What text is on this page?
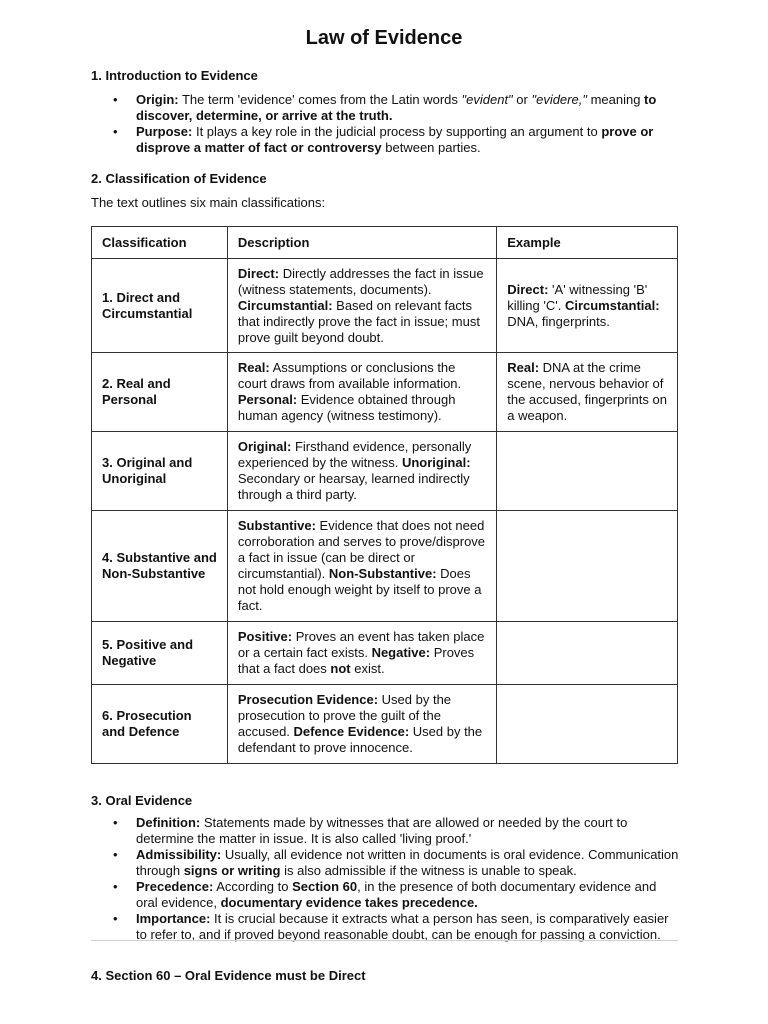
Law of Evidence
1. Introduction to Evidence
• Origin: The term 'evidence' comes from the Latin words "evident" or "evidere," meaning to discover, determine, or arrive at the truth.
• Purpose: It plays a key role in the judicial process by supporting an argument to prove or disprove a matter of fact or controversy between parties.
2. Classification of Evidence
The text outlines six main classifications:
Classification	Description	Example
1. Direct and Circumstantial	Direct: Directly addresses the fact in issue (witness statements, documents). Circumstantial: Based on relevant facts that indirectly prove the fact in issue; must prove guilt beyond doubt.	Direct: 'A' witnessing 'B' killing 'C'. Circumstantial: DNA, fingerprints.
2. Real and Personal	Real: Assumptions or conclusions the court draws from available information. Personal: Evidence obtained through human agency (witness testimony).	Real: DNA at the crime scene, nervous behavior of the accused, fingerprints on a weapon.
3. Original and Unoriginal	Original: Firsthand evidence, personally experienced by the witness. Unoriginal: Secondary or hearsay, learned indirectly through a third party.	
4. Substantive and Non-Substantive	Substantive: Evidence that does not need corroboration and serves to prove/disprove a fact in issue (can be direct or circumstantial). Non-Substantive: Does not hold enough weight by itself to prove a fact.	
5. Positive and Negative	Positive: Proves an event has taken place or a certain fact exists. Negative: Proves that a fact does not exist.	
6. Prosecution and Defence	Prosecution Evidence: Used by the prosecution to prove the guilt of the accused. Defence Evidence: Used by the defendant to prove innocence.	
3. Oral Evidence
• Definition: Statements made by witnesses that are allowed or needed by the court to determine the matter in issue. It is also called 'living proof.'
• Admissibility: Usually, all evidence not written in documents is oral evidence. Communication through signs or writing is also admissible if the witness is unable to speak.
• Precedence: According to Section 60, in the presence of both documentary evidence and oral evidence, documentary evidence takes precedence.
• Importance: It is crucial because it extracts what a person has seen, is comparatively easier to refer to, and if proved beyond reasonable doubt, can be enough for passing a conviction.
4. Section 60 – Oral Evidence must be Direct
